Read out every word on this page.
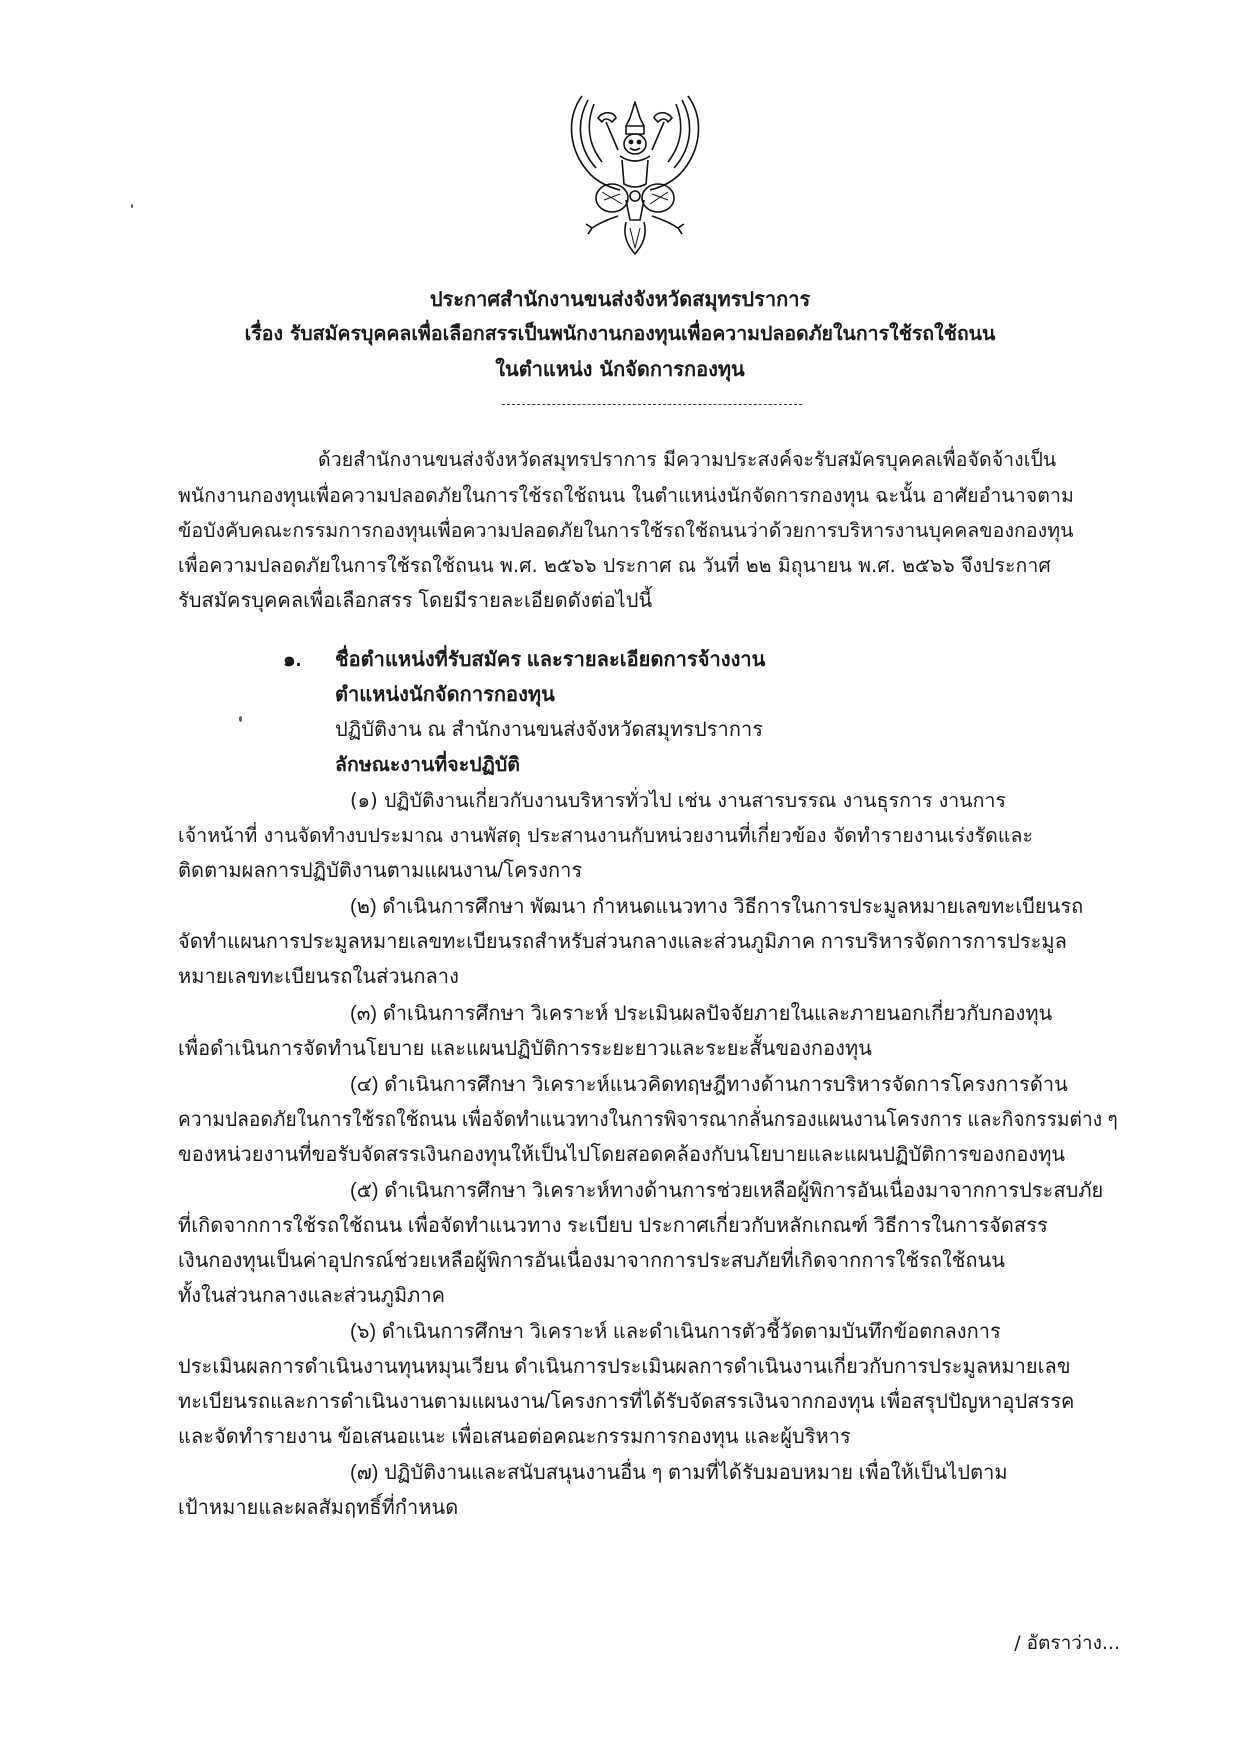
ประกาศสำนักงานขนส่งจังหวัดสมุทรปราการ
เรื่อง รับสมัครบุคคลเพื่อเลือกสรรเป็นพนักงานกองทุนเพื่อความปลอดภัยในการใช้รถใช้ถนน
ในตำแหน่ง นักจัดการกองทุน
ด้วยสำนักงานขนส่งจังหวัดสมุทรปราการ มีความประสงค์จะรับสมัครบุคคลเพื่อจัดจ้างเป็น
พนักงานกองทุนเพื่อความปลอดภัยในการใช้รถใช้ถนน ในตำแหน่งนักจัดการกองทุน ฉะนั้น อาศัยอำนาจตาม
ข้อบังคับคณะกรรมการกองทุนเพื่อความปลอดภัยในการใช้รถใช้ถนนว่าด้วยการบริหารงานบุคคลของกองทุน
เพื่อความปลอดภัยในการใช้รถใช้ถนน พ.ศ. ๒๕๖๖ ประกาศ ณ วันที่ ๒๒ มิถุนายน พ.ศ. ๒๕๖๖ จึงประกาศ
รับสมัครบุคคลเพื่อเลือกสรร โดยมีรายละเอียดดังต่อไปนี้
๑.	ชื่อตำแหน่งที่รับสมัคร และรายละเอียดการจ้างงาน
ตำแหน่งนักจัดการกองทุน
ปฏิบัติงาน ณ สำนักงานขนส่งจังหวัดสมุทรปราการ
ลักษณะงานที่จะปฏิบัติ
(๑) ปฏิบัติงานเกี่ยวกับงานบริหารทั่วไป เช่น งานสารบรรณ งานธุรการ งานการ
เจ้าหน้าที่ งานจัดทำงบประมาณ งานพัสดุ ประสานงานกับหน่วยงานที่เกี่ยวข้อง จัดทำรายงานเร่งรัดและ
ติดตามผลการปฏิบัติงานตามแผนงาน/โครงการ
(๒) ดำเนินการศึกษา พัฒนา กำหนดแนวทาง วิธีการในการประมูลหมายเลขทะเบียนรถ
จัดทำแผนการประมูลหมายเลขทะเบียนรถสำหรับส่วนกลางและส่วนภูมิภาค การบริหารจัดการการประมูล
หมายเลขทะเบียนรถในส่วนกลาง
(๓) ดำเนินการศึกษา วิเคราะห์ ประเมินผลปัจจัยภายในและภายนอกเกี่ยวกับกองทุน
เพื่อดำเนินการจัดทำนโยบาย และแผนปฏิบัติการระยะยาวและระยะสั้นของกองทุน
(๔) ดำเนินการศึกษา วิเคราะห์แนวคิดทฤษฎีทางด้านการบริหารจัดการโครงการด้าน
ความปลอดภัยในการใช้รถใช้ถนน เพื่อจัดทำแนวทางในการพิจารณากลั่นกรองแผนงานโครงการ และกิจกรรมต่าง ๆ
ของหน่วยงานที่ขอรับจัดสรรเงินกองทุนให้เป็นไปโดยสอดคล้องกับนโยบายและแผนปฏิบัติการของกองทุน
(๕) ดำเนินการศึกษา วิเคราะห์ทางด้านการช่วยเหลือผู้พิการอันเนื่องมาจากการประสบภัย
ที่เกิดจากการใช้รถใช้ถนน เพื่อจัดทำแนวทาง ระเบียบ ประกาศเกี่ยวกับหลักเกณฑ์ วิธีการในการจัดสรร
เงินกองทุนเป็นค่าอุปกรณ์ช่วยเหลือผู้พิการอันเนื่องมาจากการประสบภัยที่เกิดจากการใช้รถใช้ถนน
ทั้งในส่วนกลางและส่วนภูมิภาค
(๖) ดำเนินการศึกษา วิเคราะห์ และดำเนินการตัวชี้วัดตามบันทึกข้อตกลงการ
ประเมินผลการดำเนินงานทุนหมุนเวียน ดำเนินการประเมินผลการดำเนินงานเกี่ยวกับการประมูลหมายเลข
ทะเบียนรถและการดำเนินงานตามแผนงาน/โครงการที่ได้รับจัดสรรเงินจากกองทุน เพื่อสรุปปัญหาอุปสรรค
และจัดทำรายงาน ข้อเสนอแนะ เพื่อเสนอต่อคณะกรรมการกองทุน และผู้บริหาร
(๗) ปฏิบัติงานและสนับสนุนงานอื่น ๆ ตามที่ได้รับมอบหมาย เพื่อให้เป็นไปตาม
เป้าหมายและผลสัมฤทธิ์ที่กำหนด
/ อัตราว่าง...
